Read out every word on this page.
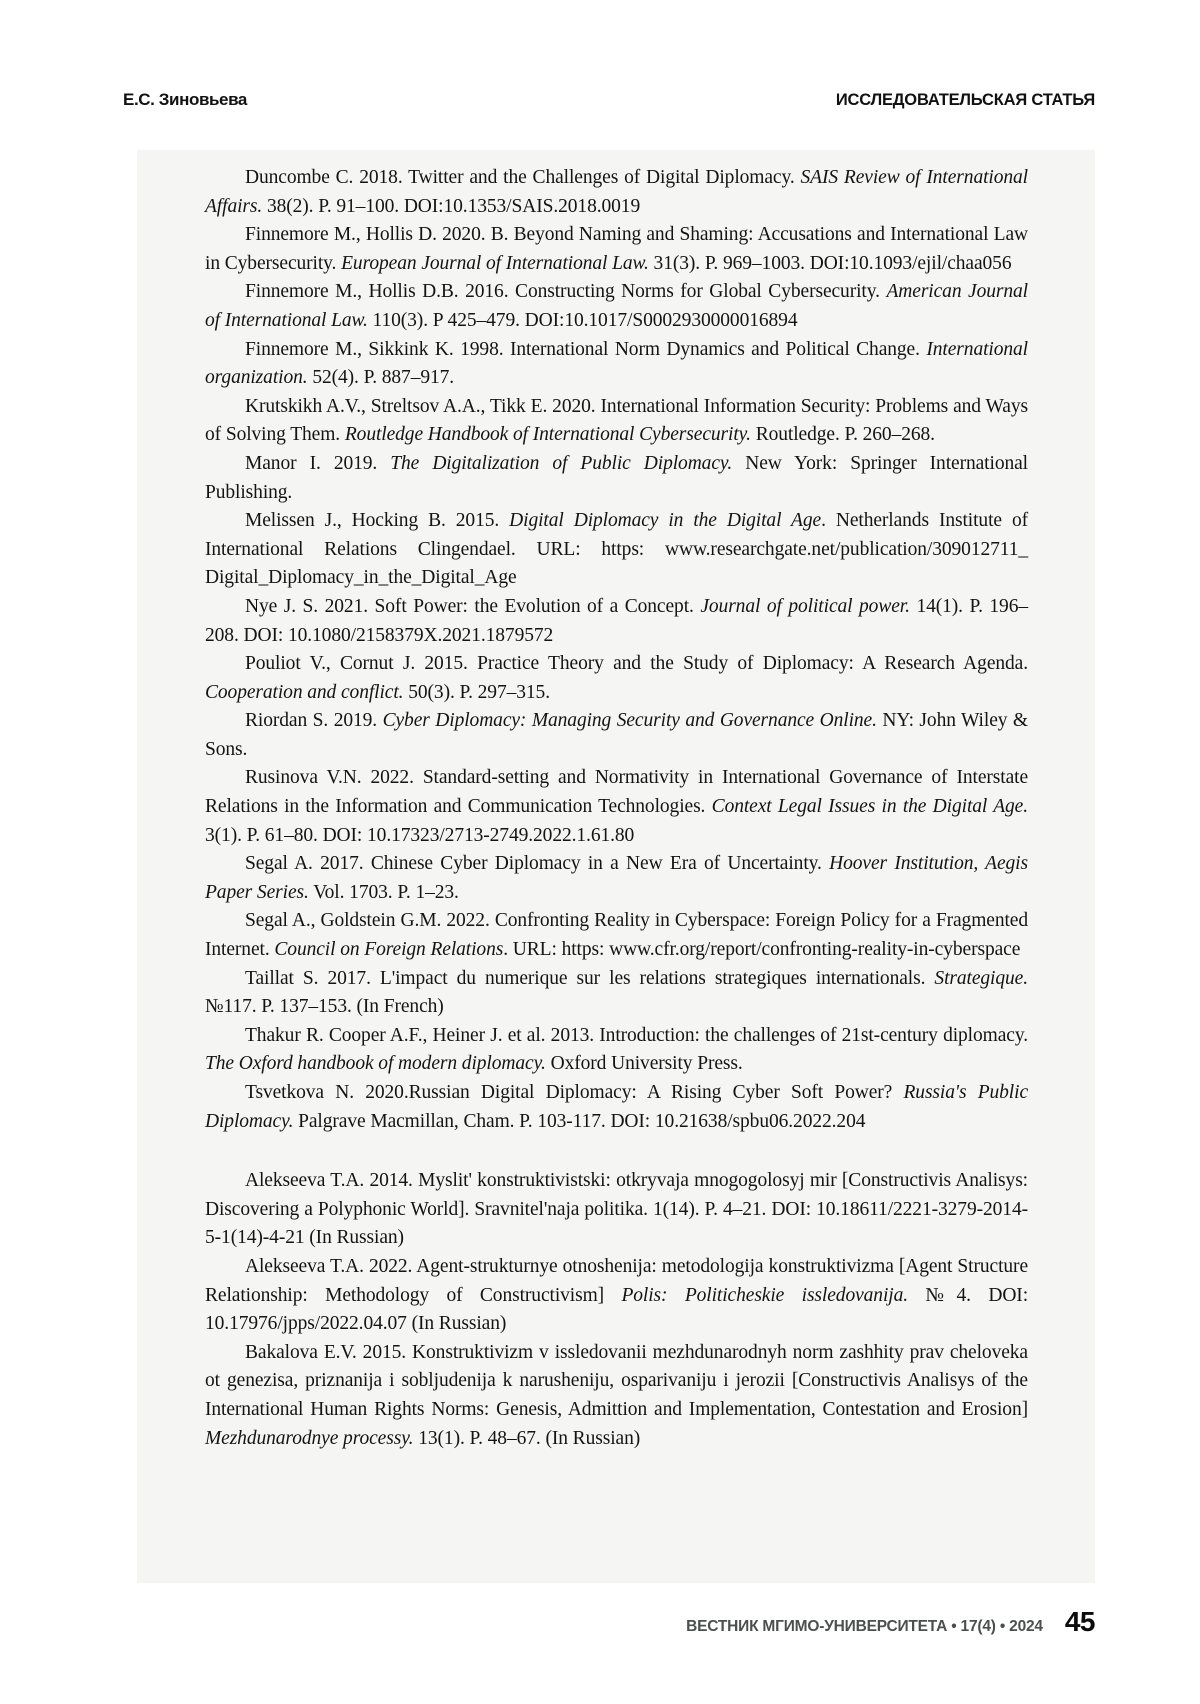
Е.С. Зиновьева	ИССЛЕДОВАТЕЛЬСКАЯ СТАТЬЯ

Duncombe C. 2018. Twitter and the Challenges of Digital Diplomacy. SAIS Review of International Affairs. 38(2). P. 91–100. DOI:10.1353/SAIS.2018.0019

Finnemore M., Hollis D. 2020. B. Beyond Naming and Shaming: Accusations and International Law in Cybersecurity. European Journal of International Law. 31(3). P. 969–1003. DOI:10.1093/ejil/chaa056

Finnemore M., Hollis D.B. 2016. Constructing Norms for Global Cybersecurity. American Journal of International Law. 110(3). P 425–479. DOI:10.1017/S0002930000016894

Finnemore M., Sikkink K. 1998. International Norm Dynamics and Political Change. International organization. 52(4). P. 887–917.

Krutskikh A.V., Streltsov A.A., Tikk E. 2020. International Information Security: Problems and Ways of Solving Them. Routledge Handbook of International Cybersecurity. Routledge. P. 260–268.

Manor I. 2019. The Digitalization of Public Diplomacy. New York: Springer International Publishing.

Melissen J., Hocking B. 2015. Digital Diplomacy in the Digital Age. Netherlands Institute of International Relations Clingendael. URL: https: www.researchgate.net/publication/309012711_ Digital_Diplomacy_in_the_Digital_Age

Nye J. S. 2021. Soft Power: the Evolution of a Concept. Journal of political power. 14(1). P. 196–208. DOI: 10.1080/2158379X.2021.1879572

Pouliot V., Cornut J. 2015. Practice Theory and the Study of Diplomacy: A Research Agenda. Cooperation and conflict. 50(3). P. 297–315.

Riordan S. 2019. Cyber Diplomacy: Managing Security and Governance Online. NY: John Wiley & Sons.

Rusinova V.N. 2022. Standard-setting and Normativity in International Governance of Interstate Relations in the Information and Communication Technologies. Context Legal Issues in the Digital Age. 3(1). P. 61–80. DOI: 10.17323/2713-2749.2022.1.61.80

Segal A. 2017. Chinese Cyber Diplomacy in a New Era of Uncertainty. Hoover Institution, Aegis Paper Series. Vol. 1703. P. 1–23.

Segal A., Goldstein G.M. 2022. Confronting Reality in Cyberspace: Foreign Policy for a Fragmented Internet. Council on Foreign Relations. URL: https: www.cfr.org/report/confronting-reality-in-cyberspace

Taillat S. 2017. L'impact du numerique sur les relations strategiques internationals. Strategique. №117. P. 137–153. (In French)

Thakur R. Cooper A.F., Heiner J. et al. 2013. Introduction: the challenges of 21st-century diplomacy. The Oxford handbook of modern diplomacy. Oxford University Press.

Tsvetkova N. 2020.Russian Digital Diplomacy: A Rising Cyber Soft Power? Russia's Public Diplomacy. Palgrave Macmillan, Cham. P. 103-117. DOI: 10.21638/spbu06.2022.204

Alekseeva T.A. 2014. Myslit' konstruktivistski: otkryvaja mnogogolosyj mir [Constructivis Analisys: Discovering a Polyphonic World]. Sravnitel'naja politika. 1(14). P. 4–21. DOI: 10.18611/2221-3279-2014-5-1(14)-4-21 (In Russian)

Alekseeva T.A. 2022. Agent-strukturnye otnoshenija: metodologija konstruktivizma [Agent Structure Relationship: Methodology of Constructivism] Polis: Politicheskie issledovanija. №4. DOI: 10.17976/jpps/2022.04.07 (In Russian)

Bakalova E.V. 2015. Konstruktivizm v issledovanii mezhdunarodnyh norm zashhity prav cheloveka ot genezisa, priznanija i sobljudenija k narusheniju, osparivaniju i jerozii [Constructivis Analisys of the International Human Rights Norms: Genesis, Admittion and Implementation, Contestation and Erosion] Mezhdunarodnye processy. 13(1). P. 48–67. (In Russian)

ВЕСТНИК МГИМО-УНИВЕРСИТЕТА • 17(4) • 2024 45
